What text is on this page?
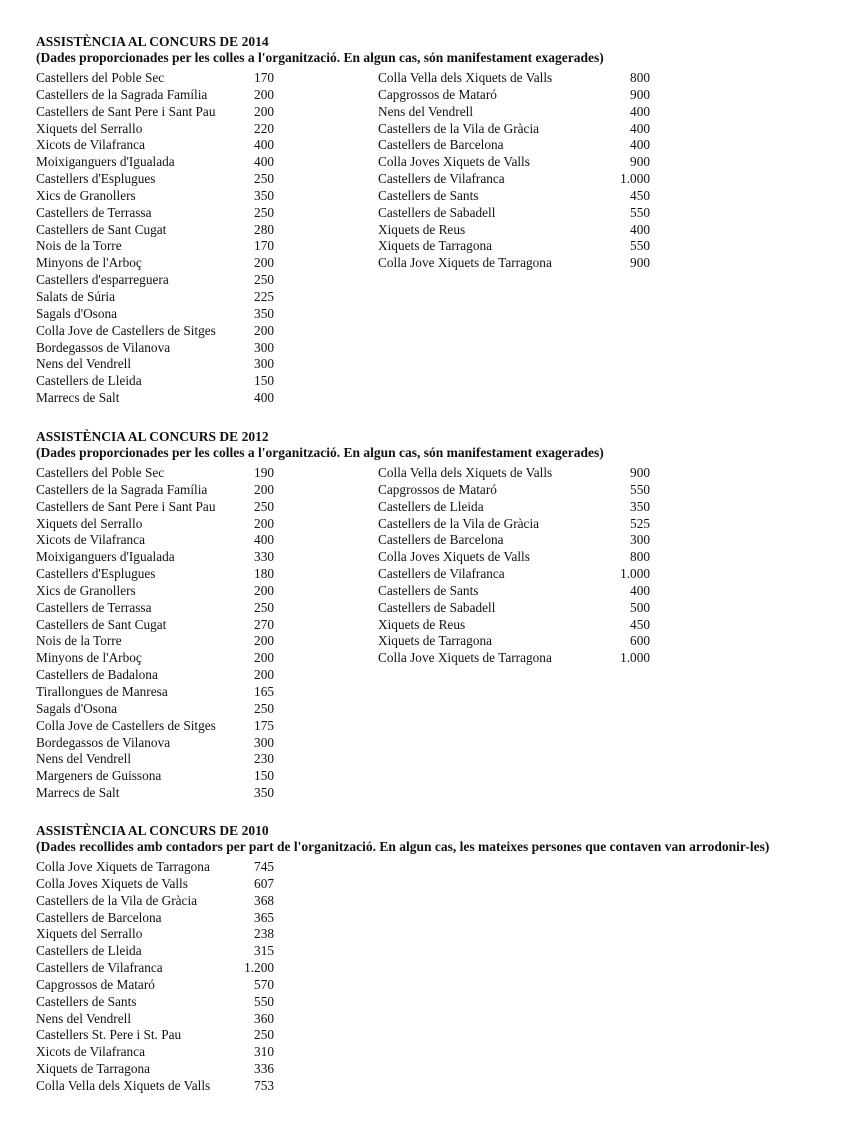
ASSISTÈNCIA AL CONCURS DE 2014
(Dades proporcionades per les colles a l'organització. En algun cas, són manifestament exagerades)
Castellers del Poble Sec	170
Castellers de la Sagrada Família	200
Castellers de Sant Pere i Sant Pau	200
Xiquets del Serrallo	220
Xicots de Vilafranca	400
Moixiganguers d'Igualada	400
Castellers d'Esplugues	250
Xics de Granollers	350
Castellers de Terrassa	250
Castellers de Sant Cugat	280
Nois de la Torre	170
Minyons de l'Arboç	200
Castellers d'esparreguera	250
Salats de Súria	225
Sagals d'Osona	350
Colla Jove de Castellers de Sitges	200
Bordegassos de Vilanova	300
Nens del Vendrell	300
Castellers de Lleida	150
Marrecs de Salt	400
Colla Vella dels Xiquets de Valls	800
Capgrossos de Mataró	900
Nens del Vendrell	400
Castellers de la Vila de Gràcia	400
Castellers de Barcelona	400
Colla Joves Xiquets de Valls	900
Castellers de Vilafranca	1.000
Castellers de Sants	450
Castellers de Sabadell	550
Xiquets de Reus	400
Xiquets de Tarragona	550
Colla Jove Xiquets de Tarragona	900
ASSISTÈNCIA AL CONCURS DE 2012
(Dades proporcionades per les colles a l'organització. En algun cas, són manifestament exagerades)
Castellers del Poble Sec	190
Castellers de la Sagrada Família	200
Castellers de Sant Pere i Sant Pau	250
Xiquets del Serrallo	200
Xicots de Vilafranca	400
Moixiganguers d'Igualada	330
Castellers d'Esplugues	180
Xics de Granollers	200
Castellers de Terrassa	250
Castellers de Sant Cugat	270
Nois de la Torre	200
Minyons de l'Arboç	200
Castellers de Badalona	200
Tirallongues de Manresa	165
Sagals d'Osona	250
Colla Jove de Castellers de Sitges	175
Bordegassos de Vilanova	300
Nens del Vendrell	230
Margeners de Guissona	150
Marrecs de Salt	350
Colla Vella dels Xiquets de Valls	900
Capgrossos de Mataró	550
Castellers de Lleida	350
Castellers de la Vila de Gràcia	525
Castellers de Barcelona	300
Colla Joves Xiquets de Valls	800
Castellers de Vilafranca	1.000
Castellers de Sants	400
Castellers de Sabadell	500
Xiquets de Reus	450
Xiquets de Tarragona	600
Colla Jove Xiquets de Tarragona	1.000
ASSISTÈNCIA AL CONCURS DE 2010
(Dades recollides amb contadors per part de l'organització. En algun cas, les mateixes persones que contaven van arrodonir-les)
Colla Jove Xiquets de Tarragona	745
Colla Joves Xiquets de Valls	607
Castellers de la Vila de Gràcia	368
Castellers de Barcelona	365
Xiquets del Serrallo	238
Castellers de Lleida	315
Castellers de Vilafranca	1.200
Capgrossos de Mataró	570
Castellers de Sants	550
Nens del Vendrell	360
Castellers St. Pere i St. Pau	250
Xicots de Vilafranca	310
Xiquets de Tarragona	336
Colla Vella dels Xiquets de Valls	753
